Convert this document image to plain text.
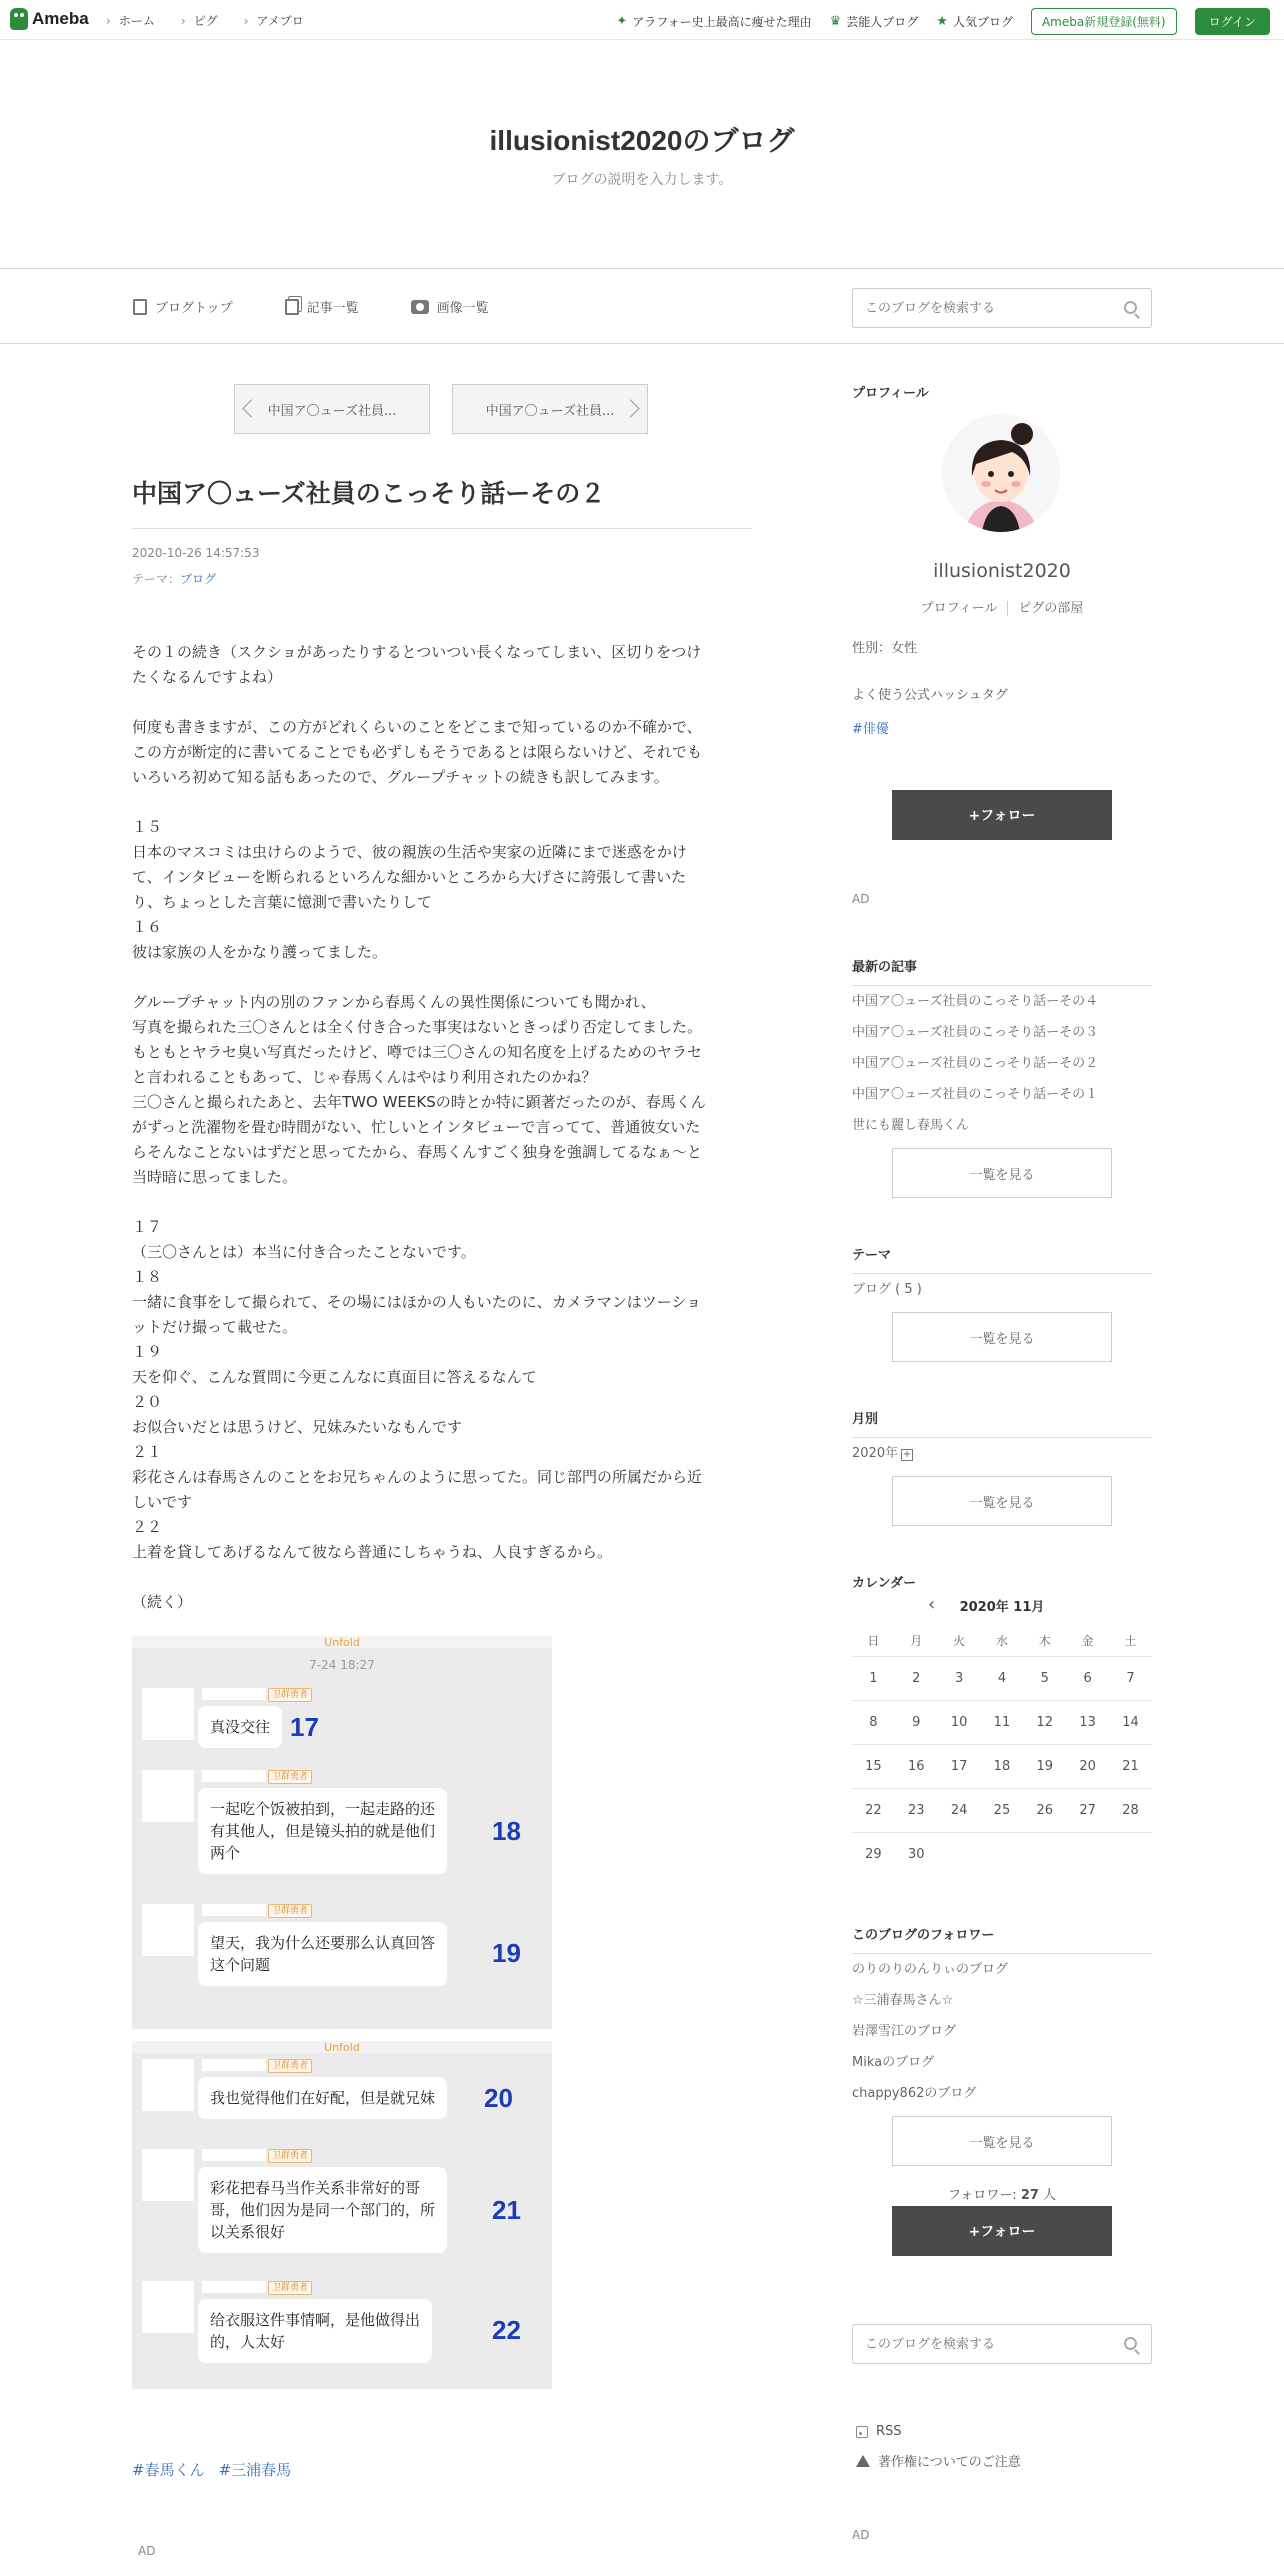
Ameba	› ホーム	› ピグ	› アメブロ	✦ アラフォー史上最高に痩せた理由 ♛ 芸能人ブログ ★ 人気ブログ	Ameba新規登録(無料)	ログイン
illusionist2020のブログ
ブログの説明を入力します。
ブログトップ	記事一覧	画像一覧
このブログを検索する
中国ア〇ューズ社員...	中国ア〇ューズ社員...
中国ア〇ューズ社員のこっそり話ーその２
2020-10-26 14:57:53
テーマ：ブログ

その１の続き（スクショがあったりするとついつい長くなってしまい、区切りをつけ
たくなるんですよね）

何度も書きますが、この方がどれくらいのことをどこまで知っているのか不確かで、
この方が断定的に書いてることでも必ずしもそうであるとは限らないけど、それでも
いろいろ初めて知る話もあったので、グループチャットの続きも訳してみます。

１５
日本のマスコミは虫けらのようで、彼の親族の生活や実家の近隣にまで迷惑をかけ
て、インタビューを断られるといろんな細かいところから大げさに誇張して書いた
り、ちょっとした言葉に憶測で書いたりして
１６
彼は家族の人をかなり護ってました。

グループチャット内の別のファンから春馬くんの異性関係についても聞かれ、
写真を撮られた三〇さんとは全く付き合った事実はないときっぱり否定してました。
もともとヤラセ臭い写真だったけど、噂では三〇さんの知名度を上げるためのヤラセ
と言われることもあって、じゃ春馬くんはやはり利用されたのかね？
三〇さんと撮られたあと、去年TWO WEEKSの時とか特に顕著だったのが、春馬くん
がずっと洗濯物を畳む時間がない、忙しいとインタビューで言ってて、普通彼女いた
らそんなことないはずだと思ってたから、春馬くんすごく独身を強調してるなぁ～と
当時暗に思ってました。

１７
（三〇さんとは）本当に付き合ったことないです。
１８
一緒に食事をして撮られて、その場にはほかの人もいたのに、カメラマンはツーショ
ットだけ撮って載せた。
１９
天を仰ぐ、こんな質問に今更こんなに真面目に答えるなんて
２０
お似合いだとは思うけど、兄妹みたいなもんです
２１
彩花さんは春馬さんのことをお兄ちゃんのように思ってた。同じ部門の所属だから近
しいです
２２
上着を貸してあげるなんて彼なら普通にしちゃうね、人良すぎるから。

（続く）

Unfold
7-24 18:27
卫群勇者
真没交往 17
卫群勇者
一起吃个饭被拍到，一起走路的还
有其他人，但是镜头拍的就是他们
两个
18
卫群勇者
望天，我为什么还要那么认真回答
这个问题	19
Unfold
卫群勇者
我也觉得他们在好配，但是就兄妹	20
卫群勇者
彩花把春马当作关系非常好的哥
哥，他们因为是同一个部门的，所
以关系很好
21
卫群勇者
给衣服这件事情啊，是他做得出
的，人太好	22
#春馬くん #三浦春馬
AD
プロフィール
illusionist2020
プロフィール ピグの部屋
性別：女性
よく使う公式ハッシュタグ
#俳優
+フォロー
AD
最新の記事
中国ア〇ューズ社員のこっそり話ーその４
中国ア〇ューズ社員のこっそり話ーその３
中国ア〇ューズ社員のこっそり話ーその２
中国ア〇ューズ社員のこっそり話ーその１
世にも麗し春馬くん
一覧を見る
テーマ
ブログ ( 5 )
一覧を見る
月別
2020年 +
一覧を見る
カレンダー
‹ 2020年 11月
日	月	火	水	木	金	土
1	2	3	4	5	6	7
8	9	10	11	12	13	14
15	16	17	18	19	20	21
22	23	24	25	26	27	28
29	30					
このブログのフォロワー
のりのりのんりぃのブログ
☆三浦春馬さん☆
岩澤雪江のブログ
Mikaのブログ
chappy862のブログ
一覧を見る
フォロワー: 27 人
+フォロー
このブログを検索する
RSS
著作権についてのご注意
AD
